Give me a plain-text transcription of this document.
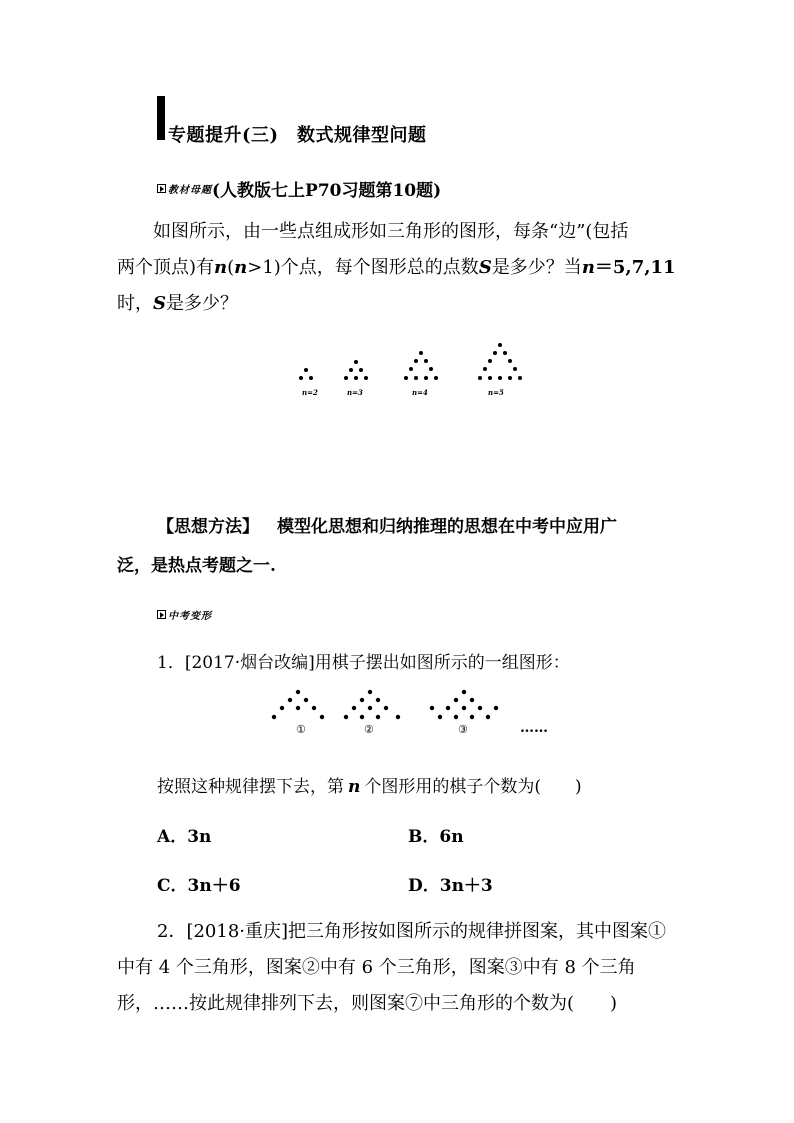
专题提升(三)　数式规律型问题
教材母题 (人教版七上P70习题第10题)

如图所示，由一些点组成形如三角形的图形，每条“边”(包括

两个顶点)有n(n>1)个点，每个图形总的点数S是多少？当n＝5,7,11

时，S是多少？

n=2	n=3	n=4	n=5
【思想方法】 模型化思想和归纳推理的思想在中考中应用广
泛，是热点考题之一.
中考变形
1．[2017·烟台改编]用棋子摆出如图所示的一组图形：
①	②	③	……
按照这种规律摆下去，第 n 个图形用的棋子个数为(　　)
A．3n	B．6n
C．3n＋6	D．3n＋3

2．[2018·重庆]把三角形按如图所示的规律拼图案，其中图案①

中有 4 个三角形，图案②中有 6 个三角形，图案③中有 8 个三角

形，……按此规律排列下去，则图案⑦中三角形的个数为(　　)
